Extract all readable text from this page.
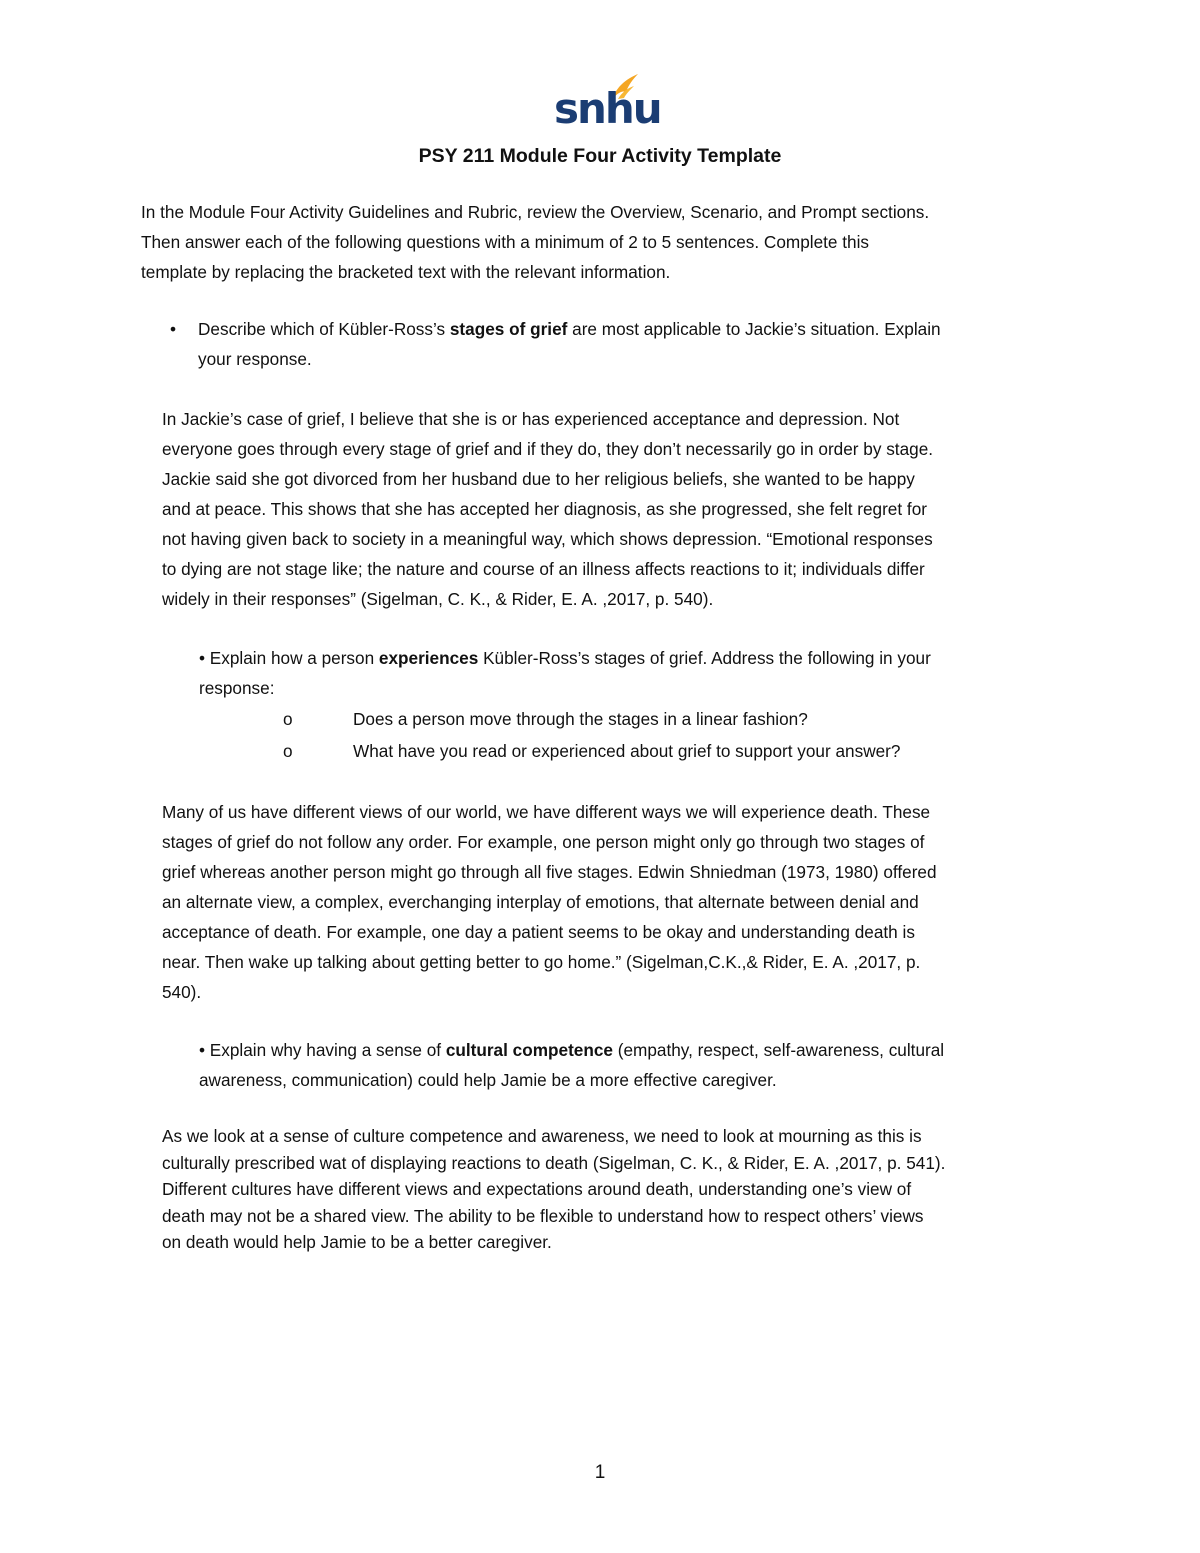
snhu
PSY 211 Module Four Activity Template

In the Module Four Activity Guidelines and Rubric, review the Overview, Scenario, and Prompt sections.

Then answer each of the following questions with a minimum of 2 to 5 sentences. Complete this

template by replacing the bracketed text with the relevant information.

• Describe which of Kübler-Ross’s stages of grief are most applicable to Jackie’s situation. Explain

your response.

In Jackie’s case of grief, I believe that she is or has experienced acceptance and depression. Not

everyone goes through every stage of grief and if they do, they don’t necessarily go in order by stage.

Jackie said she got divorced from her husband due to her religious beliefs, she wanted to be happy

and at peace. This shows that she has accepted her diagnosis, as she progressed, she felt regret for

not having given back to society in a meaningful way, which shows depression. “Emotional responses

to dying are not stage like; the nature and course of an illness affects reactions to it; individuals differ

widely in their responses” (Sigelman, C. K., & Rider, E. A. ,2017, p. 540).

• Explain how a person experiences Kübler-Ross’s stages of grief. Address the following in your

response:

o	Does a person move through the stages in a linear fashion?
o	What have you read or experienced about grief to support your answer?

Many of us have different views of our world, we have different ways we will experience death. These

stages of grief do not follow any order. For example, one person might only go through two stages of

grief whereas another person might go through all five stages. Edwin Shniedman (1973, 1980) offered

an alternate view, a complex, everchanging interplay of emotions, that alternate between denial and

acceptance of death. For example, one day a patient seems to be okay and understanding death is

near. Then wake up talking about getting better to go home.” (Sigelman,C.K.,& Rider, E. A. ,2017, p.

540).

• Explain why having a sense of cultural competence (empathy, respect, self-awareness, cultural

awareness, communication) could help Jamie be a more effective caregiver.

As we look at a sense of culture competence and awareness, we need to look at mourning as this is

culturally prescribed wat of displaying reactions to death (Sigelman, C. K., & Rider, E. A. ,2017, p. 541).

Different cultures have different views and expectations around death, understanding one’s view of

death may not be a shared view. The ability to be flexible to understand how to respect others’ views

on death would help Jamie to be a better caregiver.

1
